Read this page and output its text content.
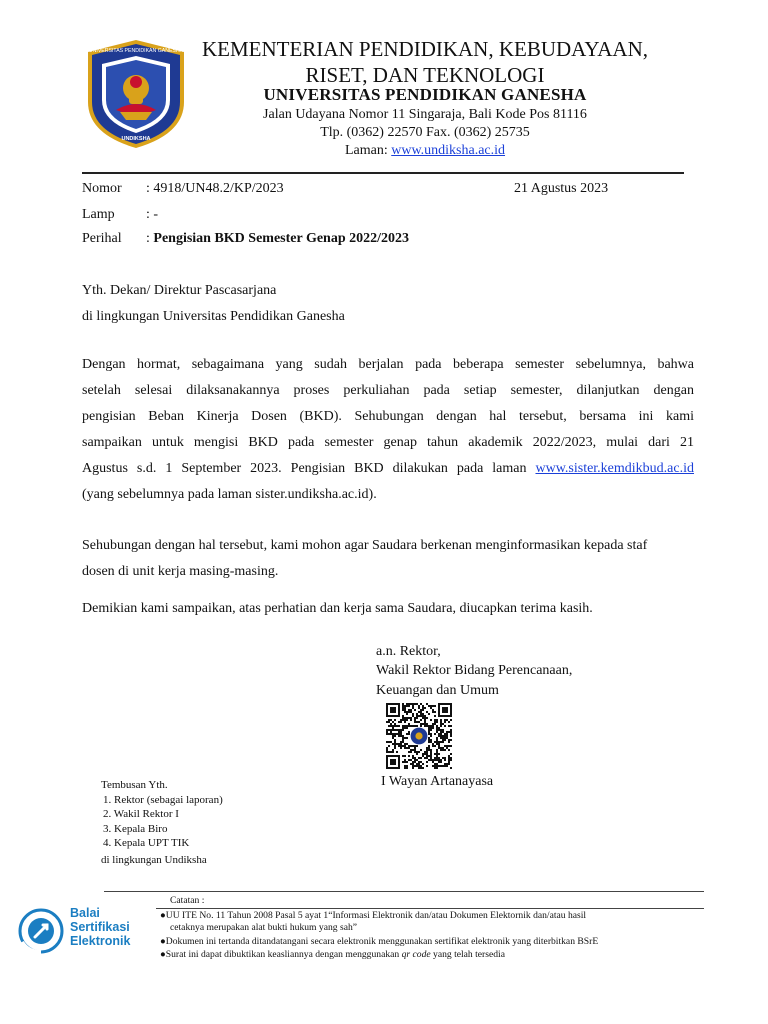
UNIVERSITAS PENDIDIKAN GANESHA
UNDIKSHA
KEMENTERIAN PENDIDIKAN, KEBUDAYAAN,
RISET, DAN TEKNOLOGI
UNIVERSITAS PENDIDIKAN GANESHA
Jalan Udayana Nomor 11 Singaraja, Bali Kode Pos 81116
Tlp. (0362) 22570 Fax. (0362) 25735
Laman: www.undiksha.ac.id
Nomor : 4918/UN48.2/KP/2023	21 Agustus 2023
Lamp : -
Perihal : Pengisian BKD Semester Genap 2022/2023
Yth. Dekan/ Direktur Pascasarjana
di lingkungan Universitas Pendidikan Ganesha
Dengan hormat, sebagaimana yang sudah berjalan pada beberapa semester sebelumnya, bahwa
setelah selesai dilaksanakannya proses perkuliahan pada setiap semester, dilanjutkan dengan
pengisian Beban Kinerja Dosen (BKD). Sehubungan dengan hal tersebut, bersama ini kami
sampaikan untuk mengisi BKD pada semester genap tahun akademik 2022/2023, mulai dari 21
Agustus s.d. 1 September 2023. Pengisian BKD dilakukan pada laman www.sister.kemdikbud.ac.id
(yang sebelumnya pada laman sister.undiksha.ac.id).
Sehubungan dengan hal tersebut, kami mohon agar Saudara berkenan menginformasikan kepada staf
dosen di unit kerja masing-masing.
Demikian kami sampaikan, atas perhatian dan kerja sama Saudara, diucapkan terima kasih.
a.n. Rektor,
Wakil Rektor Bidang Perencanaan,
Keuangan dan Umum
I Wayan Artanayasa
Tembusan Yth.
1. Rektor (sebagai laporan)
2. Wakil Rektor I
3. Kepala Biro
4. Kepala UPT TIK
di lingkungan Undiksha
Catatan :
●UU ITE No. 11 Tahun 2008 Pasal 5 ayat 1“Informasi Elektronik dan/atau Dokumen Elektornik dan/atau hasil
cetaknya merupakan alat bukti hukum yang sah”
●Dokumen ini tertanda ditandatangani secara elektronik menggunakan sertifikat elektronik yang diterbitkan BSrE
●Surat ini dapat dibuktikan keasliannya dengan menggunakan qr code yang telah tersedia
Balai
Sertifikasi
Elektronik
